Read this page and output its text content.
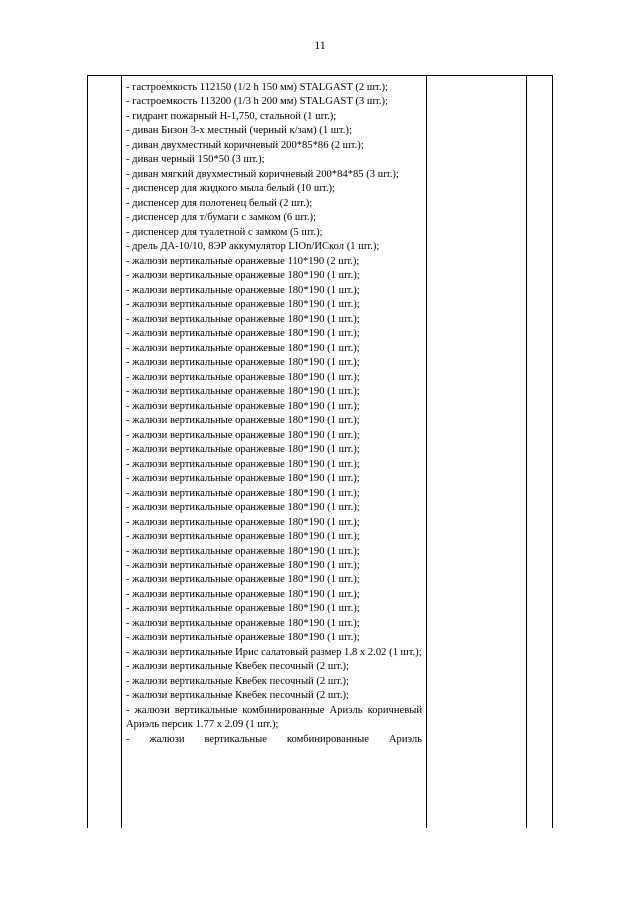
11
- гастроемкость 112150 (1/2 h 150 мм) STALGAST (2 шт.);
- гастроемкость 113200 (1/3 h 200 мм) STALGAST (3 шт.);
- гидрант пожарный Н-1,750, стальной (1 шт.);
- диван Бизон 3-х местный (черный к/зам) (1 шт.);
- диван двухместный коричневый 200*85*86 (2 шт.);
- диван черный 150*50 (3 шт.);
- диван мягкий двухместный коричневый 200*84*85 (3 шт.);
- диспенсер для жидкого мыла белый (10 шт.);
- диспенсер для полотенец белый (2 шт.);
- диспенсер для т/бумаги с замком (6 шт.);
- диспенсер для туалетной с замком (5 шт.);
- дрель ДА-10/10, 8ЭР аккумулятор LIOn/ИСкол (1 шт.);
- жалюзи вертикальные оранжевые 110*190 (2 шт.);
- жалюзи вертикальные оранжевые 180*190 (1 шт.);
- жалюзи вертикальные оранжевые 180*190 (1 шт.);
- жалюзи вертикальные оранжевые 180*190 (1 шт.);
- жалюзи вертикальные оранжевые 180*190 (1 шт.);
- жалюзи вертикальные оранжевые 180*190 (1 шт.);
- жалюзи вертикальные оранжевые 180*190 (1 шт.);
- жалюзи вертикальные оранжевые 180*190 (1 шт.);
- жалюзи вертикальные оранжевые 180*190 (1 шт.);
- жалюзи вертикальные оранжевые 180*190 (1 шт.);
- жалюзи вертикальные оранжевые 180*190 (1 шт.);
- жалюзи вертикальные оранжевые 180*190 (1 шт.);
- жалюзи вертикальные оранжевые 180*190 (1 шт.);
- жалюзи вертикальные оранжевые 180*190 (1 шт.);
- жалюзи вертикальные оранжевые 180*190 (1 шт.);
- жалюзи вертикальные оранжевые 180*190 (1 шт.);
- жалюзи вертикальные оранжевые 180*190 (1 шт.);
- жалюзи вертикальные оранжевые 180*190 (1 шт.);
- жалюзи вертикальные оранжевые 180*190 (1 шт.);
- жалюзи вертикальные оранжевые 180*190 (1 шт.);
- жалюзи вертикальные оранжевые 180*190 (1 шт.);
- жалюзи вертикальные оранжевые 180*190 (1 шт.);
- жалюзи вертикальные оранжевые 180*190 (1 шт.);
- жалюзи вертикальные оранжевые 180*190 (1 шт.);
- жалюзи вертикальные оранжевые 180*190 (1 шт.);
- жалюзи вертикальные оранжевые 180*190 (1 шт.);
- жалюзи вертикальные оранжевые 180*190 (1 шт.);
- жалюзи вертикальные Ирис салатовый размер 1.8 х 2.02 (1 шт.);
- жалюзи вертикальные Квебек песочный (2 шт.);
- жалюзи вертикальные Квебек песочный (2 шт.);
- жалюзи вертикальные Квебек песочный (2 шт.);
- жалюзи вертикальные комбинированные Ариэль коричневый Ариэль персик 1.77 х 2.09 (1 шт.);
- жалюзи вертикальные комбинированные Ариэль
